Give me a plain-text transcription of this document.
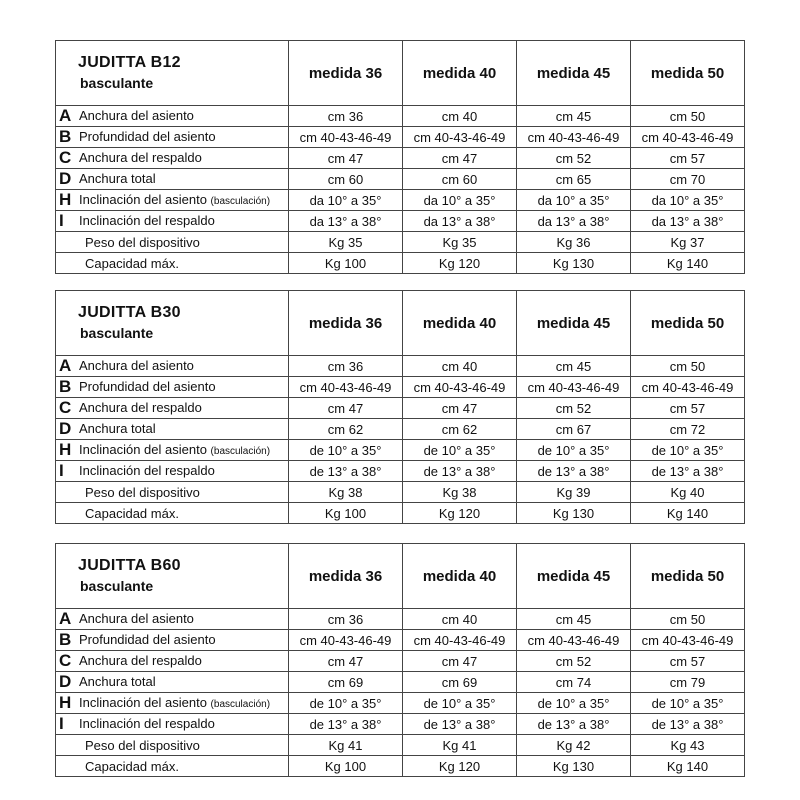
JUDITTA B12
basculante	medida 36	medida 40	medida 45	medida 50
A Anchura del asiento	cm 36	cm 40	cm 45	cm 50
B Profundidad del asiento	cm 40-43-46-49	cm 40-43-46-49	cm 40-43-46-49	cm 40-43-46-49
C Anchura del respaldo	cm 47	cm 47	cm 52	cm 57
D Anchura total	cm 60	cm 60	cm 65	cm 70
H Inclinación del asiento (basculación)	da 10° a 35°	da 10° a 35°	da 10° a 35°	da 10° a 35°
I Inclinación del respaldo	da 13° a 38°	da 13° a 38°	da 13° a 38°	da 13° a 38°
Peso del dispositivo	Kg 35	Kg 35	Kg 36	Kg 37
Capacidad máx.	Kg 100	Kg 120	Kg 130	Kg 140
JUDITTA B30
basculante	medida 36	medida 40	medida 45	medida 50
A Anchura del asiento	cm 36	cm 40	cm 45	cm 50
B Profundidad del asiento	cm 40-43-46-49	cm 40-43-46-49	cm 40-43-46-49	cm 40-43-46-49
C Anchura del respaldo	cm 47	cm 47	cm 52	cm 57
D Anchura total	cm 62	cm 62	cm 67	cm 72
H Inclinación del asiento (basculación)	de 10° a 35°	de 10° a 35°	de 10° a 35°	de 10° a 35°
I Inclinación del respaldo	de 13° a 38°	de 13° a 38°	de 13° a 38°	de 13° a 38°
Peso del dispositivo	Kg 38	Kg 38	Kg 39	Kg 40
Capacidad máx.	Kg 100	Kg 120	Kg 130	Kg 140
JUDITTA B60
basculante	medida 36	medida 40	medida 45	medida 50
A Anchura del asiento	cm 36	cm 40	cm 45	cm 50
B Profundidad del asiento	cm 40-43-46-49	cm 40-43-46-49	cm 40-43-46-49	cm 40-43-46-49
C Anchura del respaldo	cm 47	cm 47	cm 52	cm 57
D Anchura total	cm 69	cm 69	cm 74	cm 79
H Inclinación del asiento (basculación)	de 10° a 35°	de 10° a 35°	de 10° a 35°	de 10° a 35°
I Inclinación del respaldo	de 13° a 38°	de 13° a 38°	de 13° a 38°	de 13° a 38°
Peso del dispositivo	Kg 41	Kg 41	Kg 42	Kg 43
Capacidad máx.	Kg 100	Kg 120	Kg 130	Kg 140
